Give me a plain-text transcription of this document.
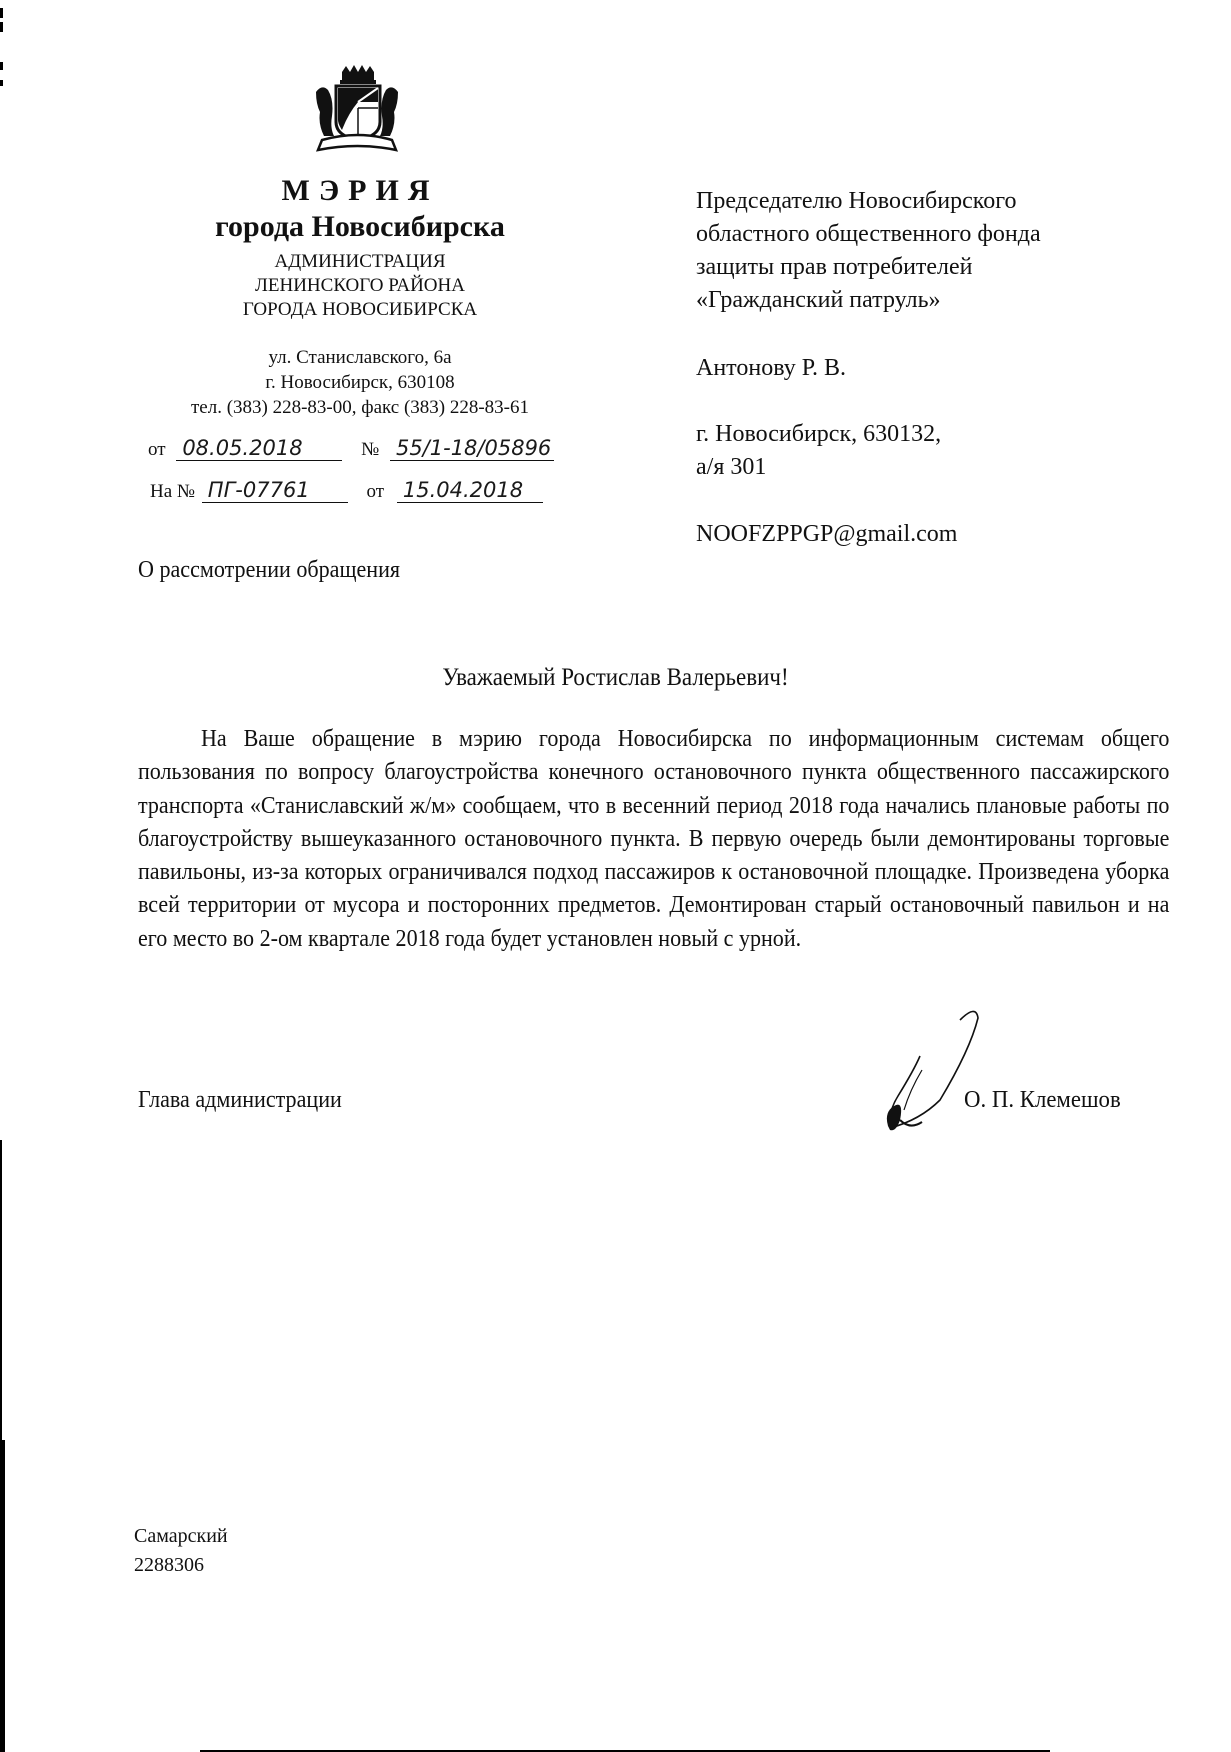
МЭРИЯ
города Новосибирска
АДМИНИСТРАЦИЯ
ЛЕНИНСКОГО РАЙОНА
ГОРОДА НОВОСИБИРСКА
ул. Станиславского, 6а
г. Новосибирск, 630108
тел. (383) 228-83-00, факс (383) 228-83-61
от 08.05.2018	№ 55/1-18/05896
На № ПГ-07761	от 15.04.2018
Председателю Новосибирского
областного общественного фонда
защиты прав потребителей
«Гражданский патруль»
Антонову Р. В.
г. Новосибирск, 630132,
а/я 301
NOOFZPPGP@gmail.com
О рассмотрении обращения
Уважаемый Ростислав Валерьевич!
На Ваше обращение в мэрию города Новосибирска по информационным системам общего пользования по вопросу благоустройства конечного остановочного пункта общественного пассажирского транспорта «Станиславский ж/м» сообщаем, что в весенний период 2018 года начались плановые работы по благоустройству вышеуказанного остановочного пункта. В первую очередь были демонтированы торговые павильоны, из-за которых ограничивался подход пассажиров к остановочной площадке. Произведена уборка всей территории от мусора и посторонних предметов. Демонтирован старый остановочный павильон и на его место во 2-ом квартале 2018 года будет установлен новый с урной.
Глава администрации	О. П. Клемешов
Самарский
2288306
